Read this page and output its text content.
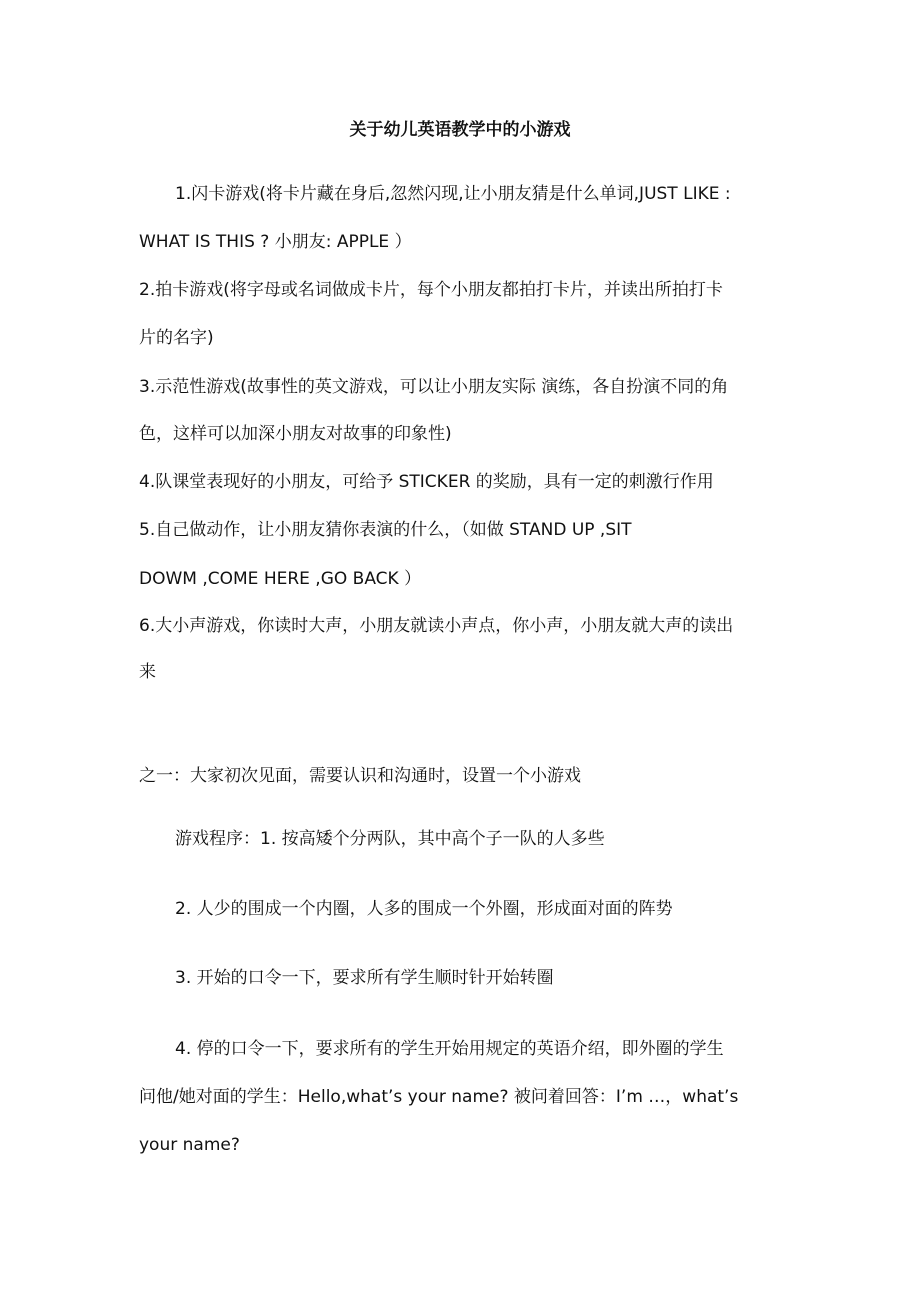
关于幼儿英语教学中的小游戏
1.闪卡游戏(将卡片藏在身后,忽然闪现,让小朋友猜是什么单词,JUST LIKE :
WHAT IS THIS ? 小朋友: APPLE ）
2.拍卡游戏(将字母或名词做成卡片，每个小朋友都拍打卡片，并读出所拍打卡
片的名字)
3.示范性游戏(故事性的英文游戏，可以让小朋友实际 演练，各自扮演不同的角
色，这样可以加深小朋友对故事的印象性)
4.队课堂表现好的小朋友，可给予 STICKER 的奖励，具有一定的刺激行作用
5.自己做动作，让小朋友猜你表演的什么，（如做 STAND UP ,SIT
DOWM ,COME HERE ,GO BACK ）
6.大小声游戏，你读时大声，小朋友就读小声点，你小声，小朋友就大声的读出
来
之一：大家初次见面，需要认识和沟通时，设置一个小游戏
游戏程序：1. 按高矮个分两队，其中高个子一队的人多些
2. 人少的围成一个内圈，人多的围成一个外圈，形成面对面的阵势
3. 开始的口令一下，要求所有学生顺时针开始转圈
4. 停的口令一下，要求所有的学生开始用规定的英语介绍，即外圈的学生
问他/她对面的学生：Hello,what’s your name? 被问着回答：I’m …，what’s
your name?
